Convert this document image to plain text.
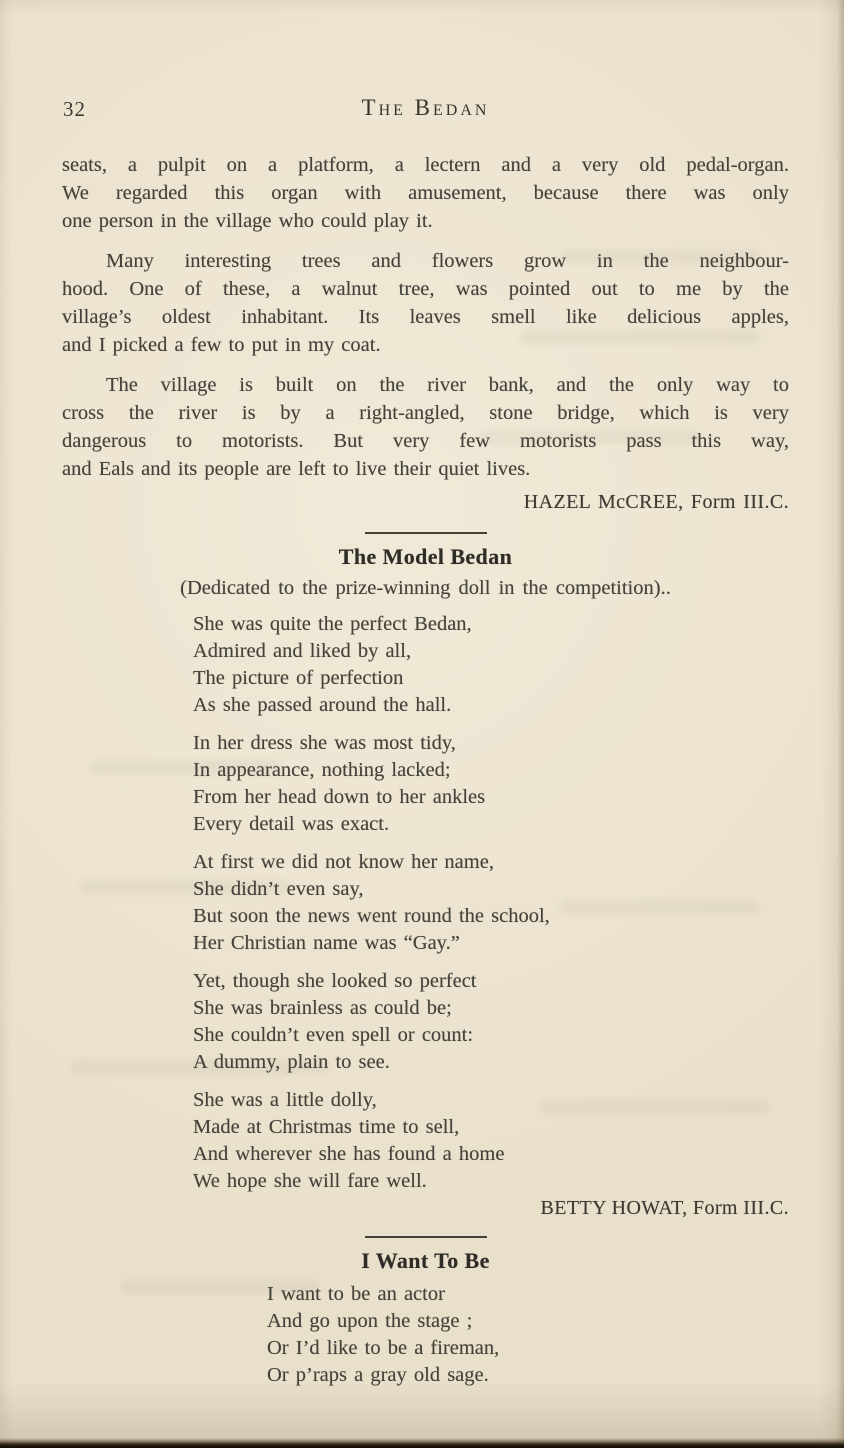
32	The Bedan
seats, a pulpit on a platform, a lectern and a very old pedal-organ.
We regarded this organ with amusement, because there was only
one person in the village who could play it.
Many interesting trees and flowers grow in the neighbour-
hood. One of these, a walnut tree, was pointed out to me by the
village’s oldest inhabitant. Its leaves smell like delicious apples,
and I picked a few to put in my coat.
The village is built on the river bank, and the only way to
cross the river is by a right-angled, stone bridge, which is very
dangerous to motorists. But very few motorists pass this way,
and Eals and its people are left to live their quiet lives.
HAZEL McCREE, Form III.C.
The Model Bedan
(Dedicated to the prize-winning doll in the competition)..
She was quite the perfect Bedan,
Admired and liked by all,
The picture of perfection
As she passed around the hall.
In her dress she was most tidy,
In appearance, nothing lacked;
From her head down to her ankles
Every detail was exact.
At first we did not know her name,
She didn’t even say,
But soon the news went round the school,
Her Christian name was “Gay.”
Yet, though she looked so perfect
She was brainless as could be;
She couldn’t even spell or count:
A dummy, plain to see.
She was a little dolly,
Made at Christmas time to sell,
And wherever she has found a home
We hope she will fare well.
BETTY HOWAT, Form III.C.
I Want To Be
I want to be an actor
And go upon the stage ;
Or I’d like to be a fireman,
Or p’raps a gray old sage.
